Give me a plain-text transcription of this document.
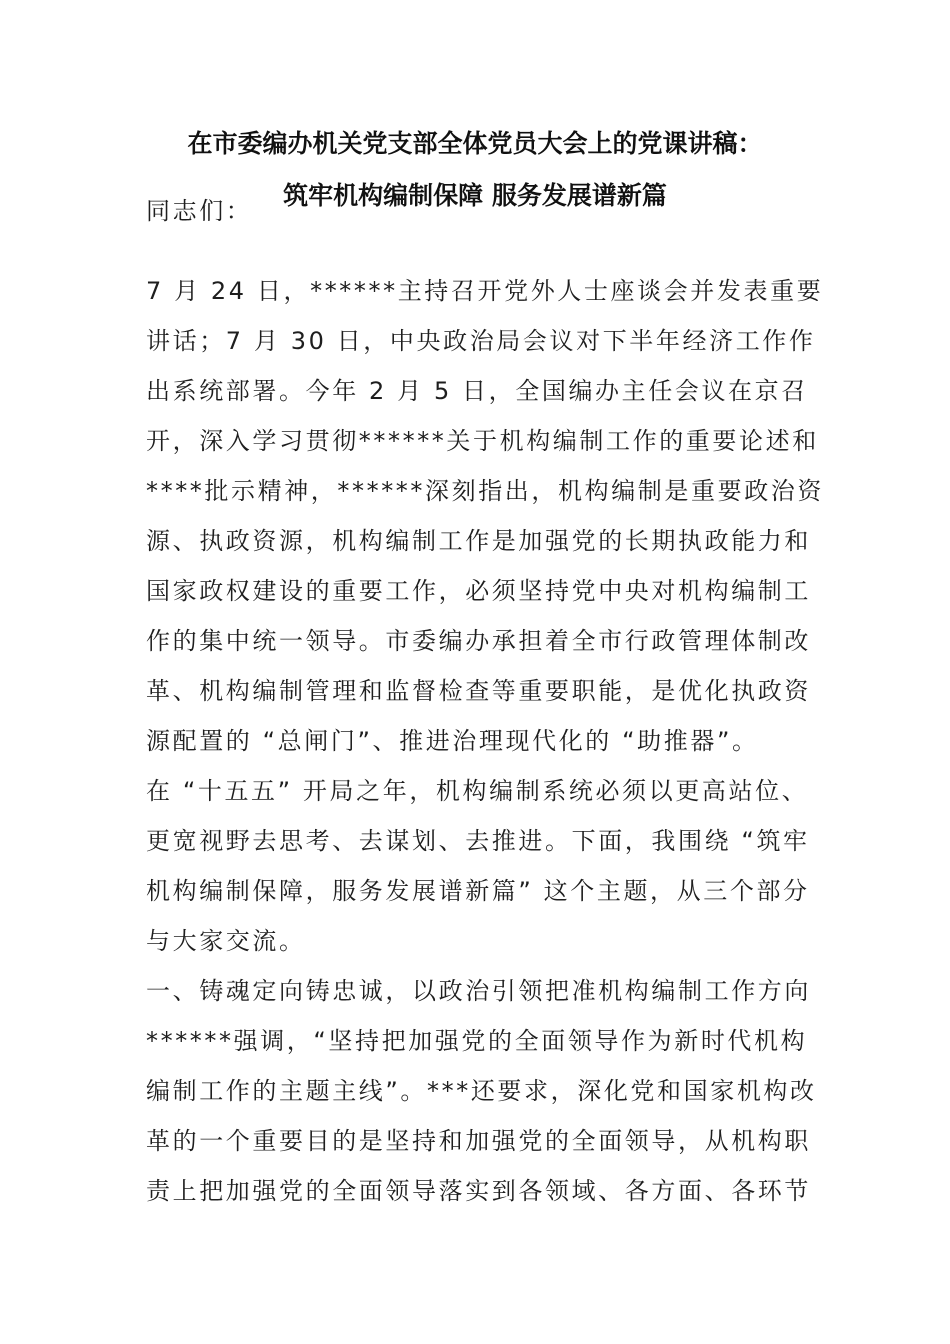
在市委编办机关党支部全体党员大会上的党课讲稿：
筑牢机构编制保障 服务发展谱新篇
同志们：
7 月 24 日，******主持召开党外人士座谈会并发表重要
讲话；7 月 30 日，中央政治局会议对下半年经济工作作
出系统部署。今年 2 月 5 日，全国编办主任会议在京召
开，深入学习贯彻******关于机构编制工作的重要论述和
****批示精神，******深刻指出，机构编制是重要政治资
源、执政资源，机构编制工作是加强党的长期执政能力和
国家政权建设的重要工作，必须坚持党中央对机构编制工
作的集中统一领导。市委编办承担着全市行政管理体制改
革、机构编制管理和监督检查等重要职能，是优化执政资
源配置的 “总闸门”、推进治理现代化的 “助推器”。
在 “十五五” 开局之年，机构编制系统必须以更高站位、
更宽视野去思考、去谋划、去推进。下面，我围绕 “筑牢
机构编制保障，服务发展谱新篇” 这个主题，从三个部分
与大家交流。
一、铸魂定向铸忠诚，以政治引领把准机构编制工作方向
******强调，“坚持把加强党的全面领导作为新时代机构
编制工作的主题主线”。***还要求，深化党和国家机构改
革的一个重要目的是坚持和加强党的全面领导，从机构职
责上把加强党的全面领导落实到各领域、各方面、各环节
